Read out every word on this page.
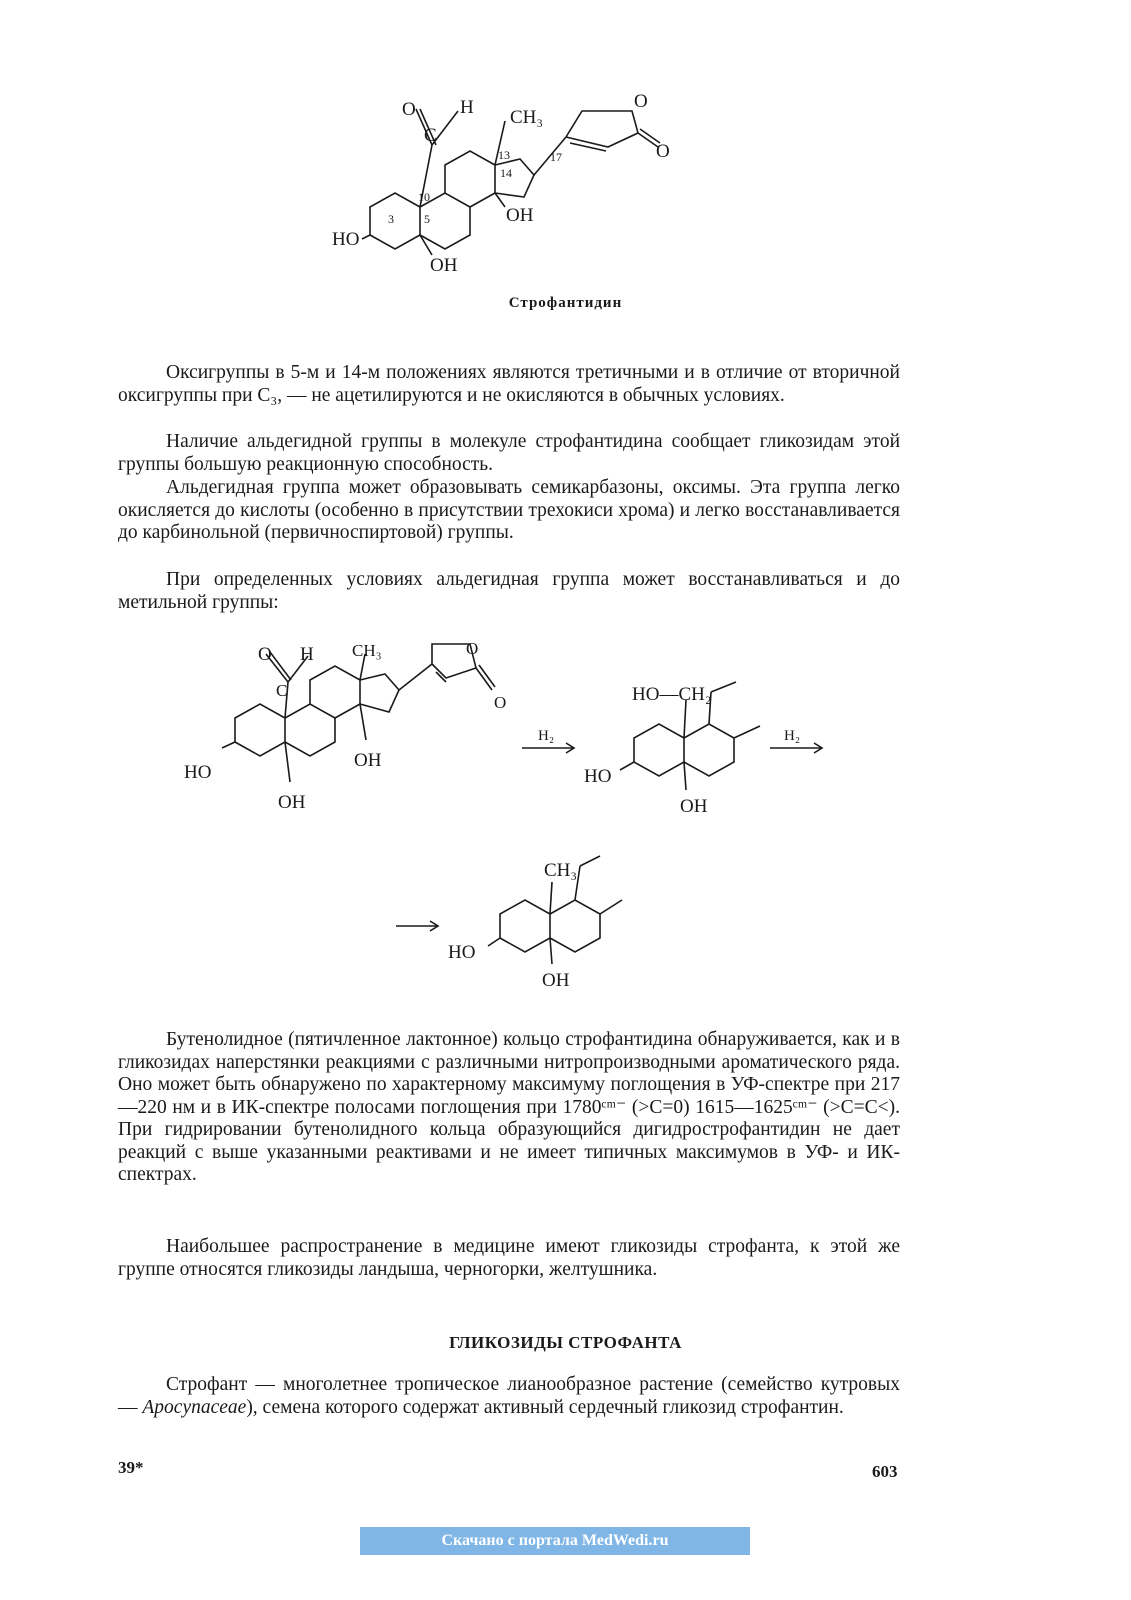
O H
C
CH₃
O
O
13	17
14
10
3	5
HO
OH
OH
Строфантидин

Оксигруппы в 5-м и 14-м положениях являются третичными и в отличие от вторичной оксигруппы при C₃, — не ацетилируются и не окисляются в обычных условиях.

Наличие альдегидной группы в молекуле строфантидина сообщает гликозидам этой группы большую реакционную способность.

Альдегидная группа может образовывать семикарбазоны, оксимы. Эта группа легко окисляется до кислоты (особенно в присутствии трехокиси хрома) и легко восстанавливается до карбинольной (первичноспиртовой) группы.

При определенных условиях альдегидная группа может восстанавливаться и до метильной группы:

O H
C
CH₃	O
O
HO
OH
OH
H₂
HO—CH₂
HO
OH
H₂
CH₃
HO
OH

Бутенолидное (пятичленное лактонное) кольцо строфантидина обнаруживается, как и в гликозидах наперстянки реакциями с различными нитропроизводными ароматического ряда. Оно может быть обнаружено по характерному максимуму поглощения в УФ-спектре при 217—220 нм и в ИК-спектре полосами поглощения при 1780ᶜᵐ⁻ (>C=0) 1615—1625ᶜᵐ⁻ (>C=C<). При гидрировании бутенолидного кольца образующийся дигидрострофантидин не дает реакций с выше указанными реактивами и не имеет типичных максимумов в УФ- и ИК-спектрах.

Наибольшее распространение в медицине имеют гликозиды строфанта, к этой же группе относятся гликозиды ландыша, черногорки, желтушника.

ГЛИКОЗИДЫ СТРОФАНТА

Строфант — многолетнее тропическое лианообразное растение (семейство кутровых — Apocynaceae), семена которого содержат активный сердечный гликозид строфантин.

39*	603
Скачано с портала MedWedi.ru
